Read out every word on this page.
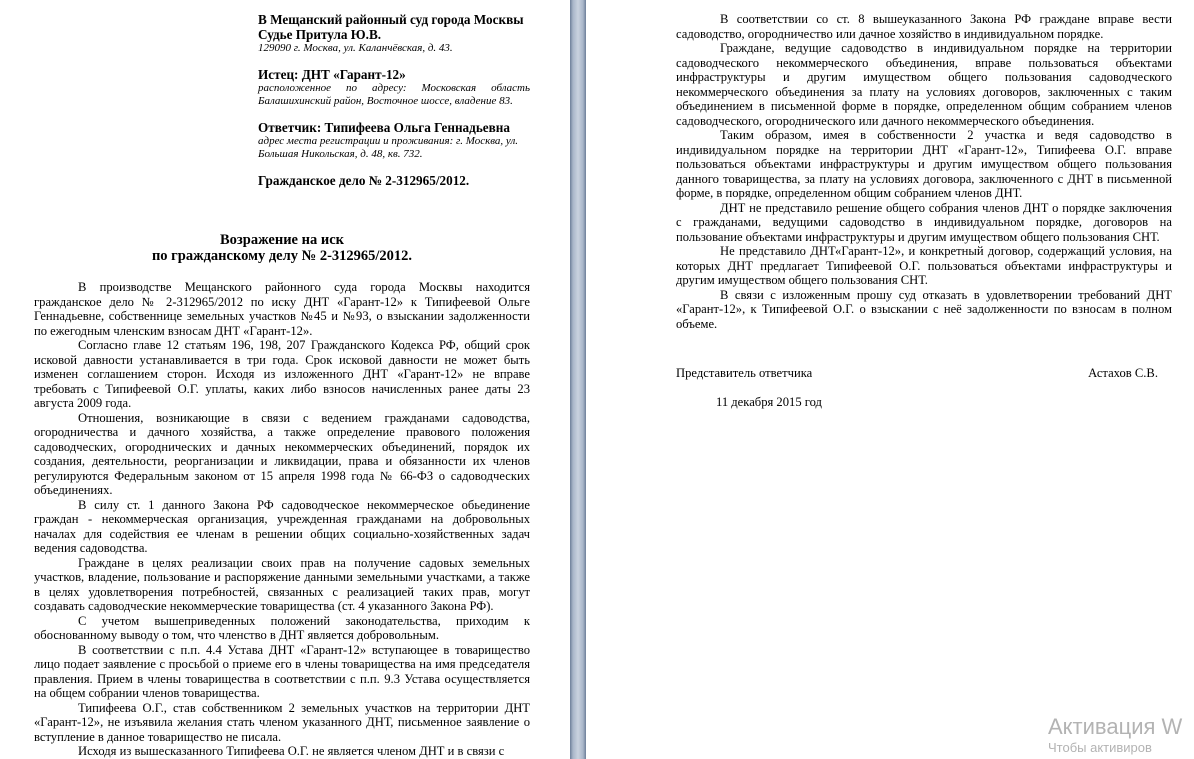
В Мещанский районный суд города Москвы
Судье Притула Ю.В.
129090 г. Москва, ул. Каланчёвская, д. 43.
Истец: ДНТ «Гарант-12»
расположенное по адресу: Московская область Балашихинский район, Восточное шоссе, владение 83.
Ответчик: Типифеева Ольга Геннадьевна
адрес места регистрации и проживания: г. Москва, ул. Большая Никольская, д. 48, кв. 732.
Гражданское дело № 2-312965/2012.
Возражение на иск
по гражданскому делу № 2-312965/2012.

В производстве Мещанского районного суда города Москвы находится гражданское дело № 2-312965/2012 по иску ДНТ «Гарант-12» к Типифеевой Ольге Геннадьевне, собственнице земельных участков №45 и №93, о взыскании задолженности по ежегодным членским взносам ДНТ «Гарант-12».

Согласно главе 12 статьям 196, 198, 207 Гражданского Кодекса РФ, общий срок исковой давности устанавливается в три года. Срок исковой давности не может быть изменен соглашением сторон. Исходя из изложенного ДНТ «Гарант-12» не вправе требовать с Типифеевой О.Г. уплаты, каких либо взносов начисленных ранее даты 23 августа 2009 года.

Отношения, возникающие в связи с ведением гражданами садоводства, огородничества и дачного хозяйства, а также определение правового положения садоводческих, огороднических и дачных некоммерческих объединений, порядок их создания, деятельности, реорганизации и ликвидации, права и обязанности их членов регулируются Федеральным законом от 15 апреля 1998 года № 66-ФЗ о садоводческих объединениях.

В силу ст. 1 данного Закона РФ садоводческое некоммерческое обьединение граждан - некоммерческая организация, учрежденная гражданами на добровольных началах для содействия ее членам в решении общих социально-хозяйственных задач ведения садоводства.

Граждане в целях реализации своих прав на получение садовых земельных участков, владение, пользование и распоряжение данными земельными участками, а также в целях удовлетворения потребностей, связанных с реализацией таких прав, могут создавать садоводческие некоммерческие товарищества (ст. 4 указанного Закона РФ).

С учетом вышеприведенных положений законодательства, приходим к обоснованному выводу о том, что членство в ДНТ является добровольным.

В соответствии с п.п. 4.4 Устава ДНТ «Гарант-12» вступающее в товарищество лицо подает заявление с просьбой о приеме его в члены товарищества на имя председателя правления. Прием в члены товарищества в соответствии с п.п. 9.3 Устава осуществляется на общем собрании членов товарищества.

Типифеева О.Г., став собственником 2 земельных участков на территории ДНТ «Гарант-12», не изъявила желания стать членом указанного ДНТ, письменное заявление о вступление в данное товарищество не писала.

Исходя из вышесказанного Типифеева О.Г. не является членом ДНТ и в связи с

В соответствии со ст. 8 вышеуказанного Закона РФ граждане вправе вести садоводство, огородничество или дачное хозяйство в индивидуальном порядке.

Граждане, ведущие садоводство в индивидуальном порядке на территории садоводческого некоммерческого объединения, вправе пользоваться объектами инфраструктуры и другим имуществом общего пользования садоводческого некоммерческого объединения за плату на условиях договоров, заключенных с таким объединением в письменной форме в порядке, определенном общим собранием членов садоводческого, огороднического или дачного некоммерческого объединения.

Таким образом, имея в собственности 2 участка и ведя садоводство в индивидуальном порядке на территории ДНТ «Гарант-12», Типифеева О.Г. вправе пользоваться объектами инфраструктуры и другим имуществом общего пользования данного товарищества, за плату на условиях договора, заключенного с ДНТ в письменной форме, в порядке, определенном общим собранием членов ДНТ.

ДНТ не представило решение общего собрания членов ДНТ о порядке заключения с гражданами, ведущими садоводство в индивидуальном порядке, договоров на пользование объектами инфраструктуры и другим имуществом общего пользования СНТ.

Не представило ДНТ«Гарант-12», и конкретный договор, содержащий условия, на которых ДНТ предлагает Типифеевой О.Г. пользоваться объектами инфраструктуры и другим имуществом общего пользования СНТ.

В связи с изложенным прошу суд отказать в удовлетворении требований ДНТ «Гарант-12», к Типифеевой О.Г. о взыскании с неё задолженности по взносам в полном объеме.

Представитель ответчика	Астахов С.В.
11 декабря 2015 год
Активация W
Чтобы активиров
